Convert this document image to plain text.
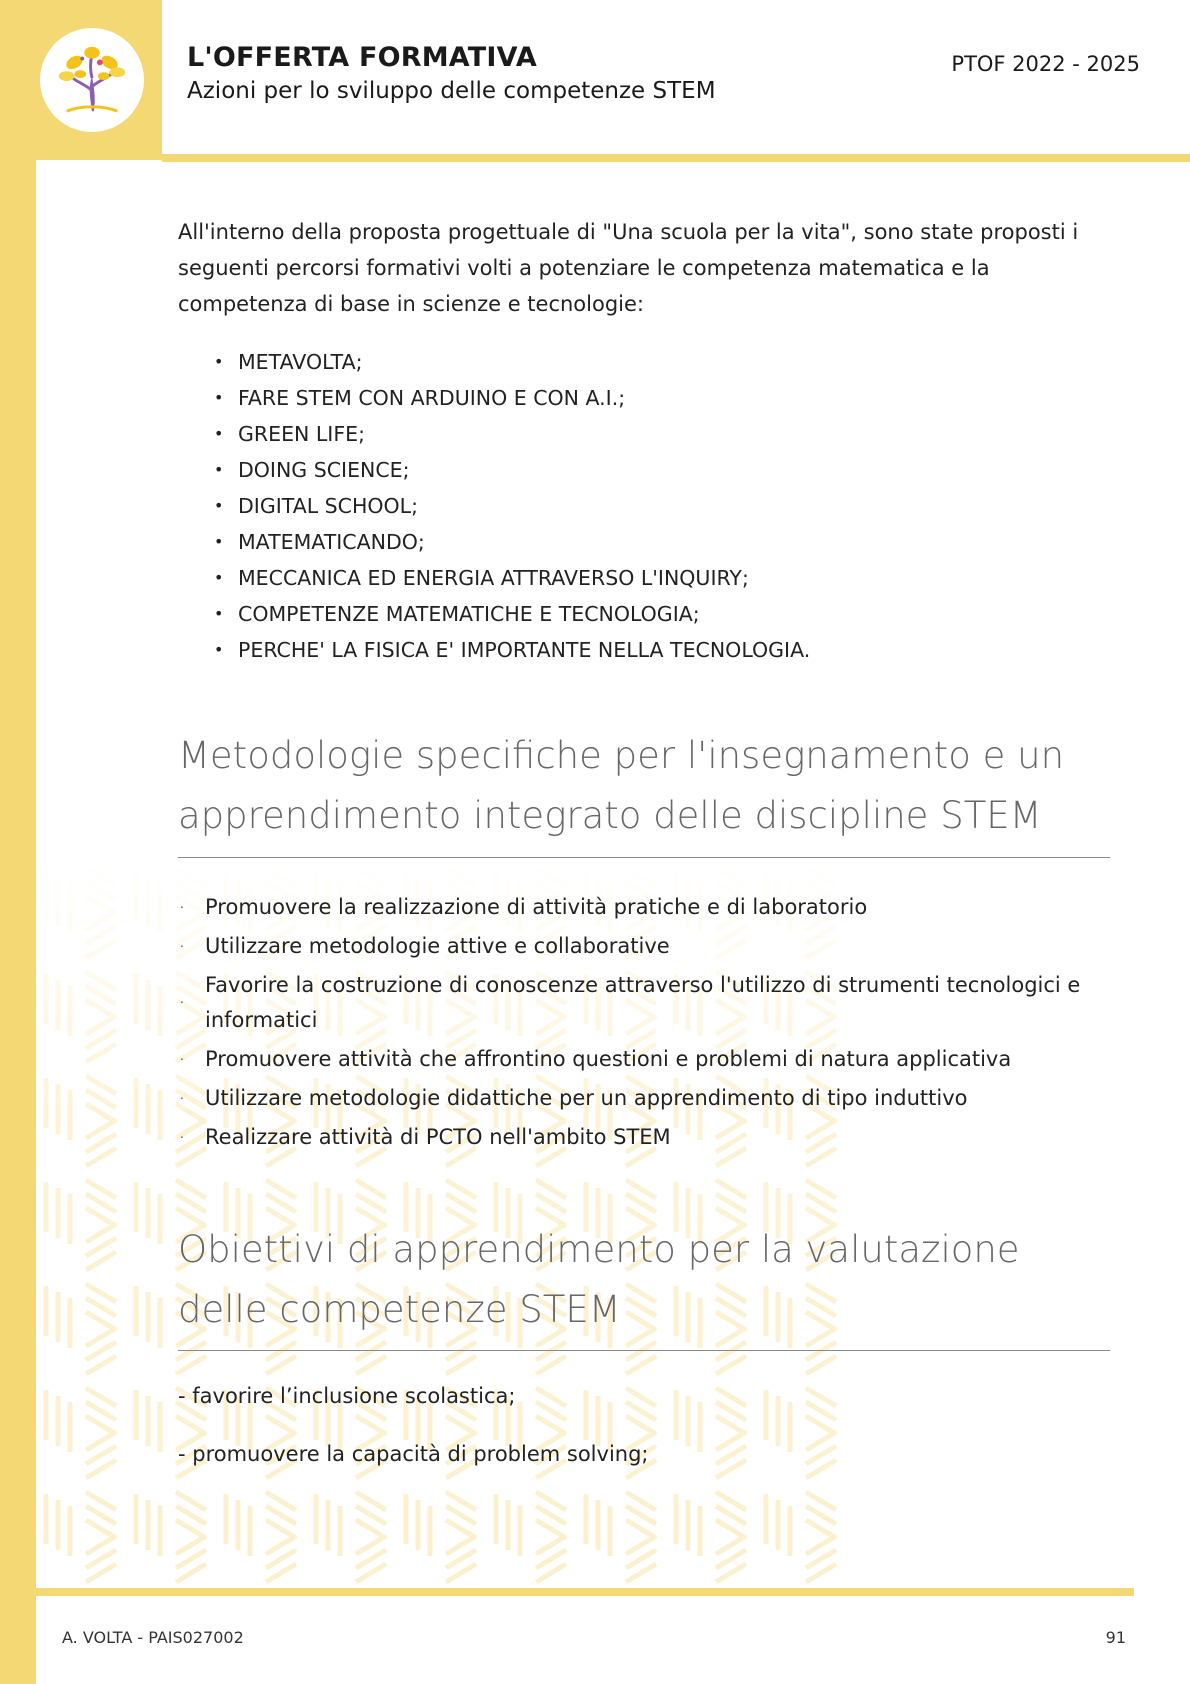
L'OFFERTA FORMATIVA
Azioni per lo sviluppo delle competenze STEM
PTOF 2022 - 2025

All'interno della proposta progettuale di "Una scuola per la vita", sono state proposti i seguenti percorsi formativi volti a potenziare le competenza matematica e la competenza di base in scienze e tecnologie:

• METAVOLTA;
• FARE STEM CON ARDUINO E CON A.I.;
• GREEN LIFE;
• DOING SCIENCE;
• DIGITAL SCHOOL;
• MATEMATICANDO;
• MECCANICA ED ENERGIA ATTRAVERSO L'INQUIRY;
• COMPETENZE MATEMATICHE E TECNOLOGIA;
• PERCHE' LA FISICA E' IMPORTANTE NELLA TECNOLOGIA.
Metodologie specifiche per l'insegnamento e un apprendimento integrato delle discipline STEM
· Promuovere la realizzazione di attività pratiche e di laboratorio
· Utilizzare metodologie attive e collaborative
·
Favorire la costruzione di conoscenze attraverso l'utilizzo di strumenti tecnologici e informatici
· Promuovere attività che affrontino questioni e problemi di natura applicativa
· Utilizzare metodologie didattiche per un apprendimento di tipo induttivo
· Realizzare attività di PCTO nell'ambito STEM
Obiettivi di apprendimento per la valutazione delle competenze STEM

- favorire l’inclusione scolastica;

- promuovere la capacità di problem solving;

A. VOLTA - PAIS027002	91
